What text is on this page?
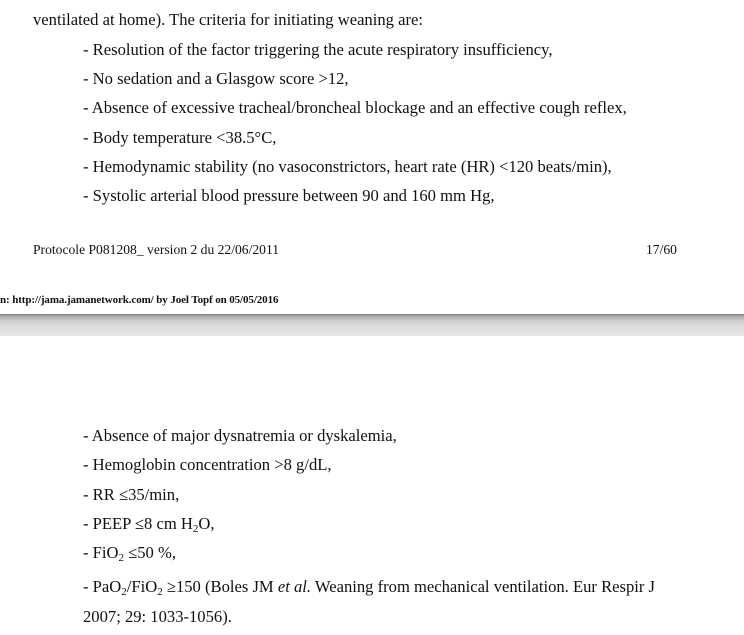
ventilated at home). The criteria for initiating weaning are:
- Resolution of the factor triggering the acute respiratory insufficiency,
- No sedation and a Glasgow score >12,
- Absence of excessive tracheal/broncheal blockage and an effective cough reflex,
- Body temperature <38.5°C,
- Hemodynamic stability (no vasoconstrictors, heart rate (HR) <120 beats/min),
- Systolic arterial blood pressure between 90 and 160 mm Hg,
Protocole P081208_ version 2 du 22/06/2011	17/60
n: http://jama.jamanetwork.com/ by Joel Topf on 05/05/2016
- Absence of major dysnatremia or dyskalemia,
- Hemoglobin concentration >8 g/dL,
- RR ≤35/min,
- PEEP ≤8 cm $H_2O$,
- FiO$_2$ ≤50 %,
- PaO$_2$/FiO$_2$ ≥150 (Boles JM et al. Weaning from mechanical ventilation. Eur Respir J
2007; 29: 1033-1056).
